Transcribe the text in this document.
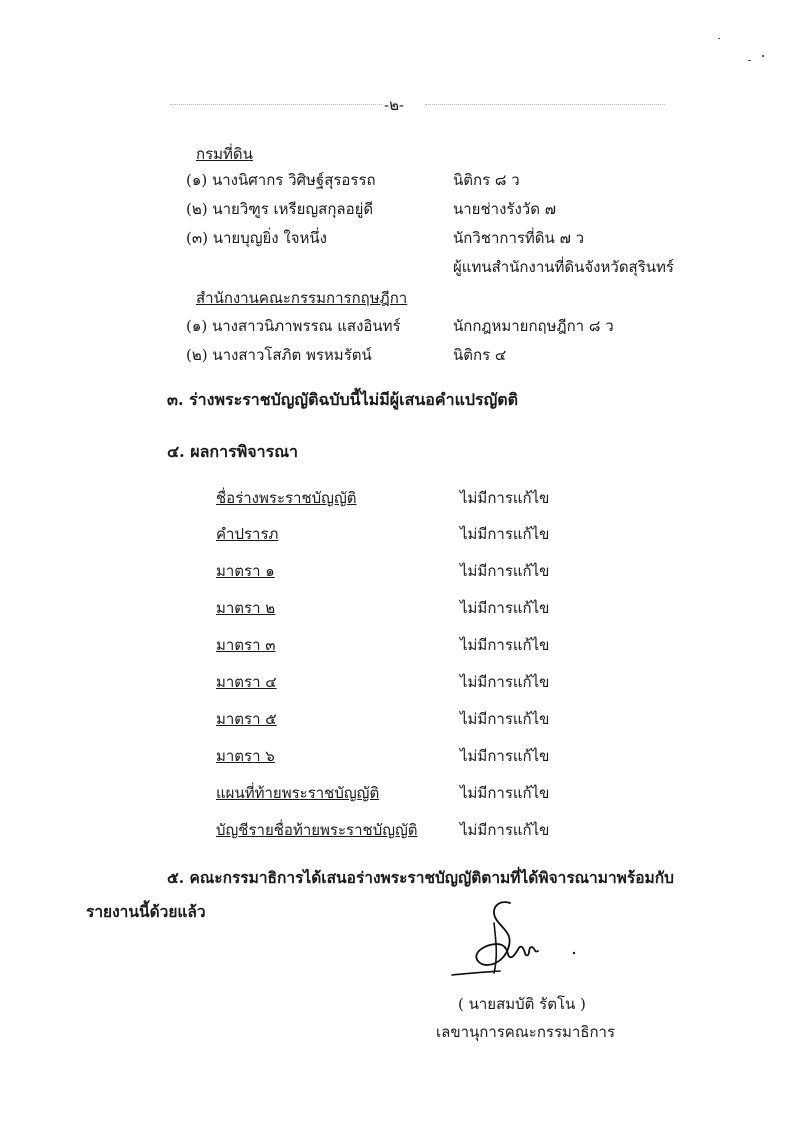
-๒-
กรมที่ดิน
(๑) นางนิศากร วิศิษฐ์สุรอรรถ	นิติกร ๘ ว
(๒) นายวิฑูร เหรียญสกุลอยู่ดี	นายช่างรังวัด ๗
(๓) นายบุญยิ่ง ใจหนึ่ง	นักวิชาการที่ดิน ๗ ว
ผู้แทนสำนักงานที่ดินจังหวัดสุรินทร์
สำนักงานคณะกรรมการกฤษฎีกา
(๑) นางสาวนิภาพรรณ แสงอินทร์	นักกฎหมายกฤษฎีกา ๘ ว
(๒) นางสาวโสภิต พรหมรัตน์	นิติกร ๔
๓. ร่างพระราชบัญญัติฉบับนี้ไม่มีผู้เสนอคำแปรญัตติ
๔. ผลการพิจารณา
ชื่อร่างพระราชบัญญัติ	ไม่มีการแก้ไข
คำปรารภ	ไม่มีการแก้ไข
มาตรา ๑	ไม่มีการแก้ไข
มาตรา ๒	ไม่มีการแก้ไข
มาตรา ๓	ไม่มีการแก้ไข
มาตรา ๔	ไม่มีการแก้ไข
มาตรา ๕	ไม่มีการแก้ไข
มาตรา ๖	ไม่มีการแก้ไข
แผนที่ท้ายพระราชบัญญัติ	ไม่มีการแก้ไข
บัญชีรายชื่อท้ายพระราชบัญญัติ	ไม่มีการแก้ไข
๕. คณะกรรมาธิการได้เสนอร่างพระราชบัญญัติตามที่ได้พิจารณามาพร้อมกับ
รายงานนี้ด้วยแล้ว
( นายสมบัติ รัตโน )
เลขานุการคณะกรรมาธิการ
